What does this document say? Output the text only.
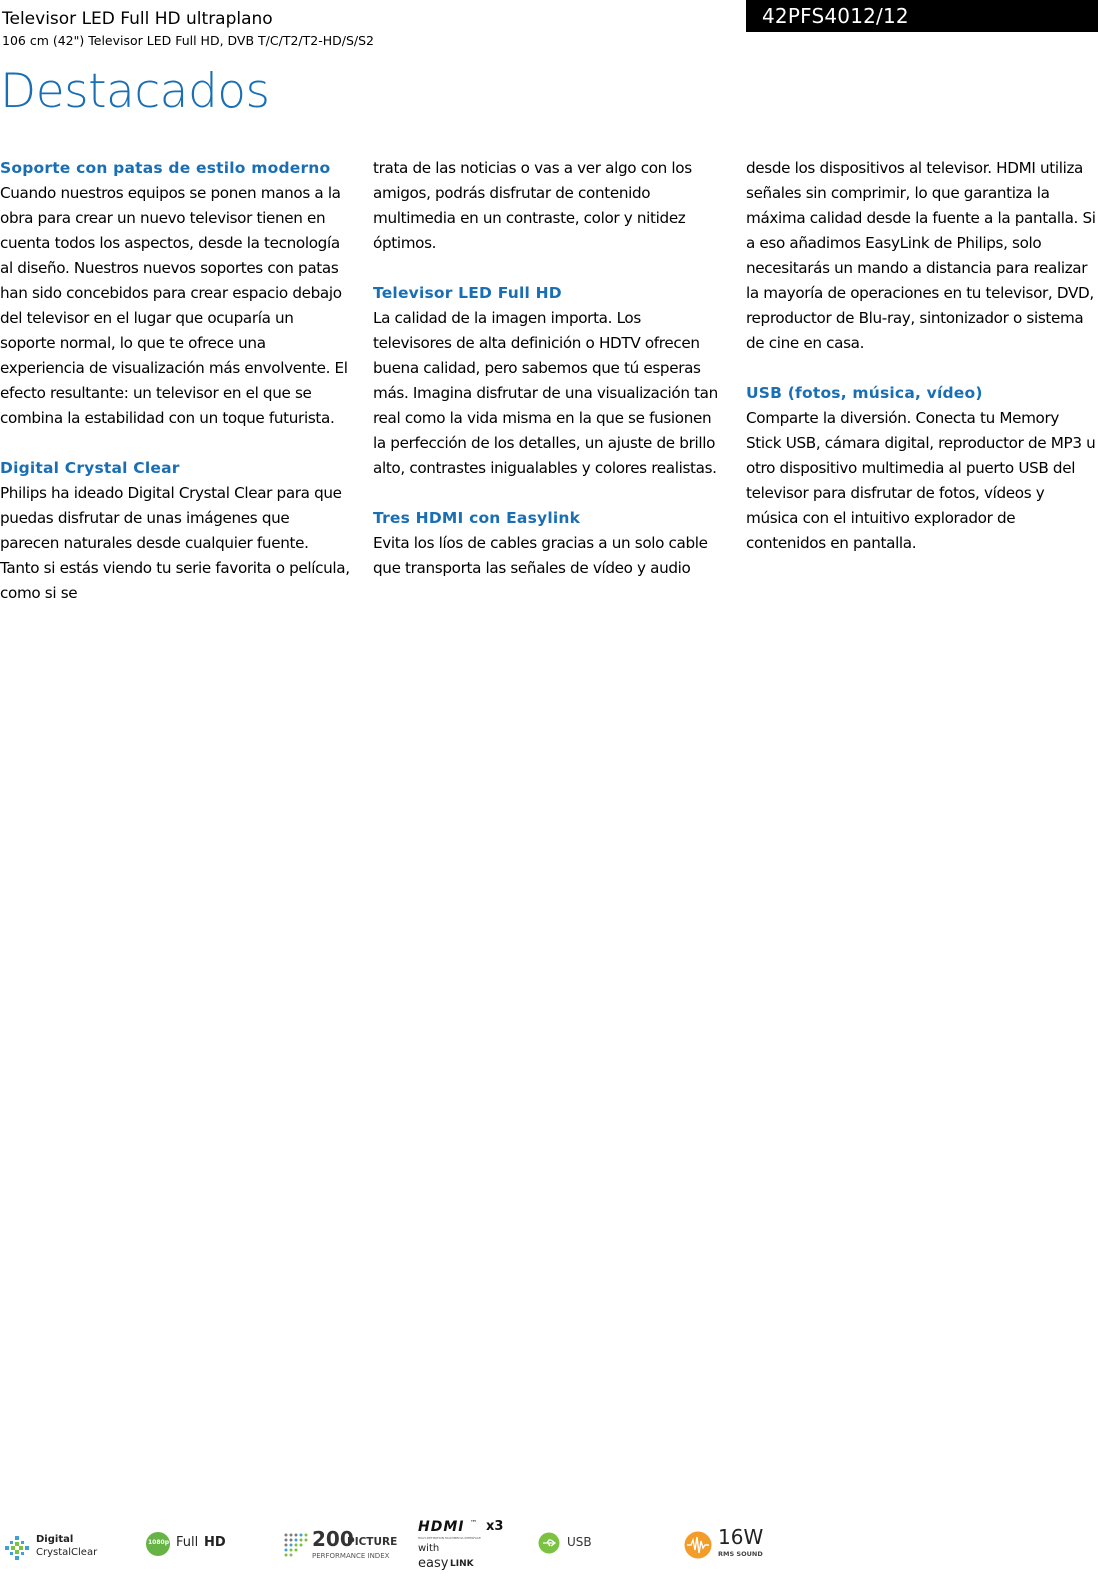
Televisor LED Full HD ultraplano
106 cm (42") Televisor LED Full HD, DVB T/C/T2/T2-HD/S/S2
42PFS4012/12
Destacados
Soporte con patas de estilo moderno

Cuando nuestros equipos se ponen manos a la obra para crear un nuevo televisor tienen en cuenta todos los aspectos, desde la tecnología al diseño. Nuestros nuevos soportes con patas han sido concebidos para crear espacio debajo del televisor en el lugar que ocuparía un soporte normal, lo que te ofrece una experiencia de visualización más envolvente. El efecto resultante: un televisor en el que se combina la estabilidad con un toque futurista.

Digital Crystal Clear

Philips ha ideado Digital Crystal Clear para que puedas disfrutar de unas imágenes que parecen naturales desde cualquier fuente. Tanto si estás viendo tu serie favorita o película, como si se

trata de las noticias o vas a ver algo con los amigos, podrás disfrutar de contenido multimedia en un contraste, color y nitidez óptimos.

Televisor LED Full HD

La calidad de la imagen importa. Los televisores de alta definición o HDTV ofrecen buena calidad, pero sabemos que tú esperas más. Imagina disfrutar de una visualización tan real como la vida misma en la que se fusionen la perfección de los detalles, un ajuste de brillo alto, contrastes inigualables y colores realistas.

Tres HDMI con Easylink

Evita los líos de cables gracias a un solo cable que transporta las señales de vídeo y audio

desde los dispositivos al televisor. HDMI utiliza señales sin comprimir, lo que garantiza la máxima calidad desde la fuente a la pantalla. Si a eso añadimos EasyLink de Philips, solo necesitarás un mando a distancia para realizar la mayoría de operaciones en tu televisor, DVD, reproductor de Blu-ray, sintonizador o sistema de cine en casa.

USB (fotos, música, vídeo)

Comparte la diversión. Conecta tu Memory Stick USB, cámara digital, reproductor de MP3 u otro dispositivo multimedia al puerto USB del televisor para disfrutar de fotos, vídeos y música con el intuitivo explorador de contenidos en pantalla.

Digital
CrystalClear
1080p Full HD	200
PICTURE
PERFORMANCE INDEX
HDMI ™ x3
HIGH-DEFINITION MULTIMEDIA INTERFACE
with
easy LINK
USB	16W
RMS SOUND
